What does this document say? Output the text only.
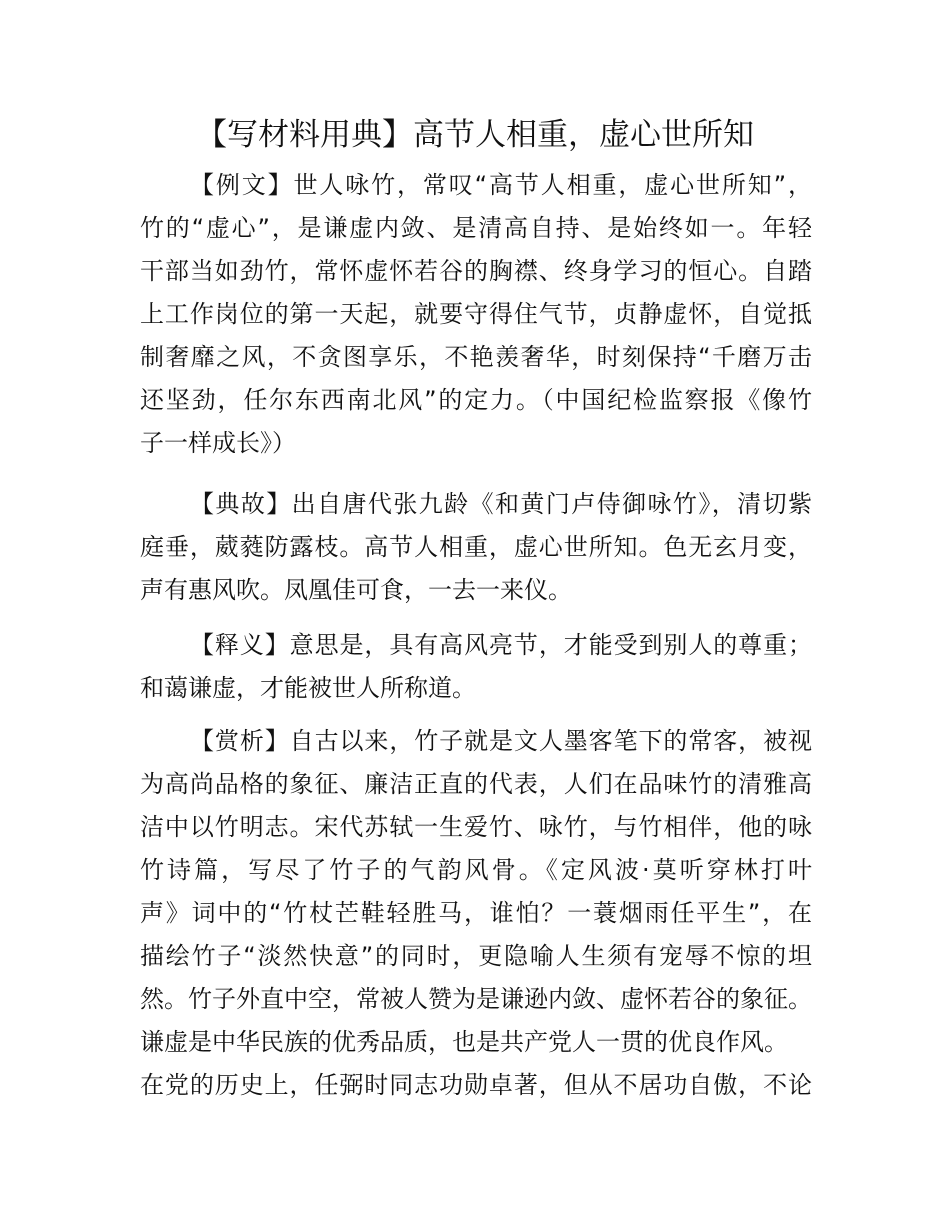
【写材料用典】高节人相重，虚心世所知
【例文】世人咏竹，常叹“高节人相重，虚心世所知”，
竹的“虚心”，是谦虚内敛、是清高自持、是始终如一。年轻
干部当如劲竹，常怀虚怀若谷的胸襟、终身学习的恒心。自踏
上工作岗位的第一天起，就要守得住气节，贞静虚怀，自觉抵
制奢靡之风，不贪图享乐，不艳羡奢华，时刻保持“千磨万击
还坚劲，任尔东西南北风”的定力。（中国纪检监察报《像竹
子一样成长》）
【典故】出自唐代张九龄《和黄门卢侍御咏竹》，清切紫
庭垂，葳蕤防露枝。高节人相重，虚心世所知。色无玄月变，
声有惠风吹。凤凰佳可食，一去一来仪。
【释义】意思是，具有高风亮节，才能受到别人的尊重；
和蔼谦虚，才能被世人所称道。
【赏析】自古以来，竹子就是文人墨客笔下的常客，被视
为高尚品格的象征、廉洁正直的代表，人们在品味竹的清雅高
洁中以竹明志。宋代苏轼一生爱竹、咏竹，与竹相伴，他的咏
竹诗篇，写尽了竹子的气韵风骨。《定风波·莫听穿林打叶
声》词中的“竹杖芒鞋轻胜马，谁怕？一蓑烟雨任平生”，在
描绘竹子“淡然快意”的同时，更隐喻人生须有宠辱不惊的坦
然。竹子外直中空，常被人赞为是谦逊内敛、虚怀若谷的象征。
谦虚是中华民族的优秀品质，也是共产党人一贯的优良作风。
在党的历史上，任弼时同志功勋卓著，但从不居功自傲，不论
